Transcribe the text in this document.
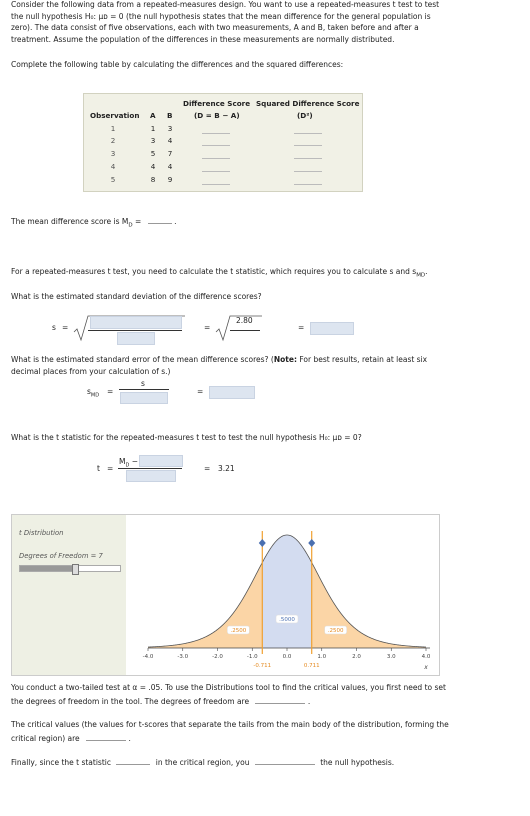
Consider the following data from a repeated-measures design. You want to use a repeated-measures t test to test
the null hypothesis H₀: μᴅ = 0 (the null hypothesis states that the mean difference for the general population is
zero). The data consist of five observations, each with two measurements, A and B, taken before and after a
treatment. Assume the population of the differences in these measurements are normally distributed.
Complete the following table by calculating the differences and the squared differences:
Difference Score
(D = B − A)
Squared Difference Score
(D²)
Observation A B
1	1	3
2	3	4
3	5	7
4	4	4
5	8	9
The mean difference score is $M_D$ =	.
For a repeated-measures t test, you need to calculate the t statistic, which requires you to calculate s and $s_{MD}$.
What is the estimated standard deviation of the difference scores?
s =	=
2.80
=
What is the estimated standard error of the mean difference scores? (Note: For best results, retain at least six
decimal places from your calculation of s.)
$s_{MD}$ =
s
=
What is the t statistic for the repeated-measures t test to test the null hypothesis H₀: μᴅ = 0?
t =
$M_D$ −
= 3.21
t Distribution
Degrees of Freedom = 7
-4.0	-3.0	-2.0	-1.0	0.0	1.0	2.0	3.0	4.0
x
.2500
.5000
.2500
-0.711	0.711
You conduct a two-tailed test at α = .05. To use the Distributions tool to find the critical values, you first need to set
the degrees of freedom in the tool. The degrees of freedom are	.
The critical values (the values for t-scores that separate the tails from the main body of the distribution, forming the
critical region) are	.
Finally, since the t statistic	in the critical region, you	the null hypothesis.
